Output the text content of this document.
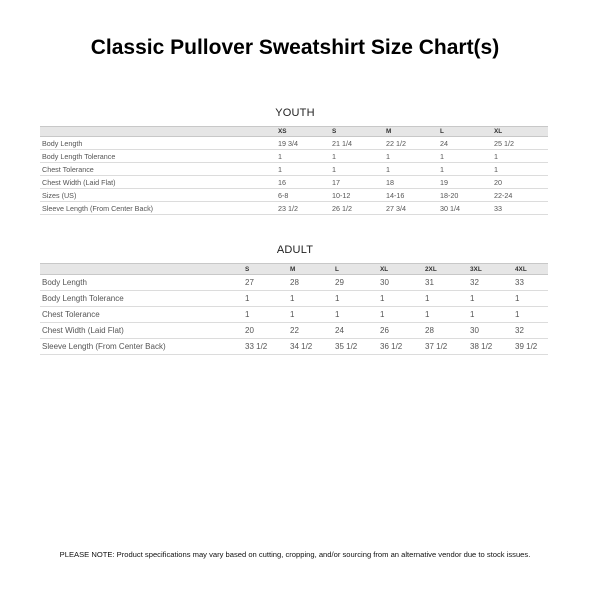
Classic Pullover Sweatshirt Size Chart(s)
YOUTH
	XS	S	M	L	XL
Body Length	19 3/4	21 1/4	22 1/2	24	25 1/2
Body Length Tolerance	1	1	1	1	1
Chest Tolerance	1	1	1	1	1
Chest Width (Laid Flat)	16	17	18	19	20
Sizes (US)	6-8	10-12	14-16	18-20	22-24
Sleeve Length (From Center Back)	23 1/2	26 1/2	27 3/4	30 1/4	33
ADULT
	S	M	L	XL	2XL	3XL	4XL
Body Length	27	28	29	30	31	32	33
Body Length Tolerance	1	1	1	1	1	1	1
Chest Tolerance	1	1	1	1	1	1	1
Chest Width (Laid Flat)	20	22	24	26	28	30	32
Sleeve Length (From Center Back)	33 1/2	34 1/2	35 1/2	36 1/2	37 1/2	38 1/2	39 1/2
PLEASE NOTE: Product specifications may vary based on cutting, cropping, and/or sourcing from an alternative vendor due to stock issues.
